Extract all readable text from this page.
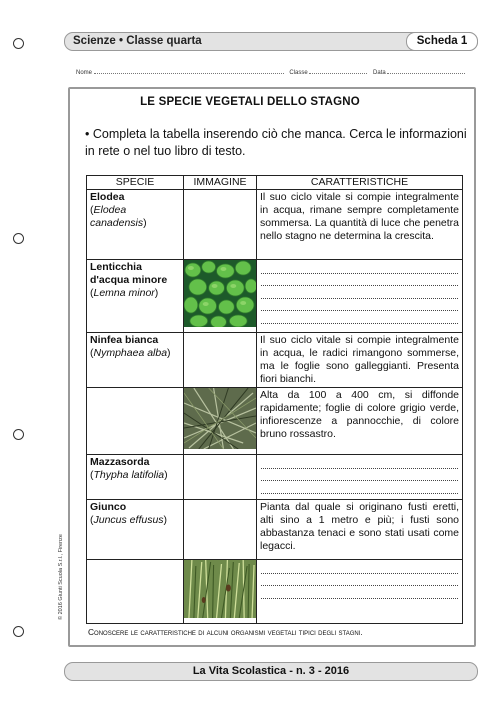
Scienze • Classe quarta	Scheda 1
Nome	Classe	Data
LE SPECIE VEGETALI DELLO STAGNO
• Completa la tabella inserendo ciò che manca. Cerca le informazioni in rete o nel tuo libro di testo.
SPECIE	IMMAGINE	CARATTERISTICHE

Elodea
(Elodea canadensis)		Il suo ciclo vitale si compie integralmente in acqua, rimane sempre completamente sommersa. La quantità di luce che penetra nello stagno ne determina la crescita.

Lenticchia d'acqua minore
(Lemna minor)

Ninfea bianca
(Nymphaea alba)		Il suo ciclo vitale si compie integralmente in acqua, le radici rimangono sommerse, ma le foglie sono galleggianti. Presenta fiori bianchi.
		Alta da 100 a 400 cm, si diffonde rapidamente; foglie di colore grigio verde, infiorescenze a pannocchie, di colore bruno rossastro.

Mazzasorda
(Thypha latifolia)		

Giunco
(Juncus effusus)		Pianta dal quale si originano fusti eretti, alti sino a 1 metro e più; i fusti sono abbastanza tenaci e sono stati usati come legacci.

Conoscere le caratteristiche di alcuni organismi vegetali tipici degli stagni.
© 2016 Giunti Scuola S.r.l., Firenze
La Vita Scolastica - n. 3 - 2016
